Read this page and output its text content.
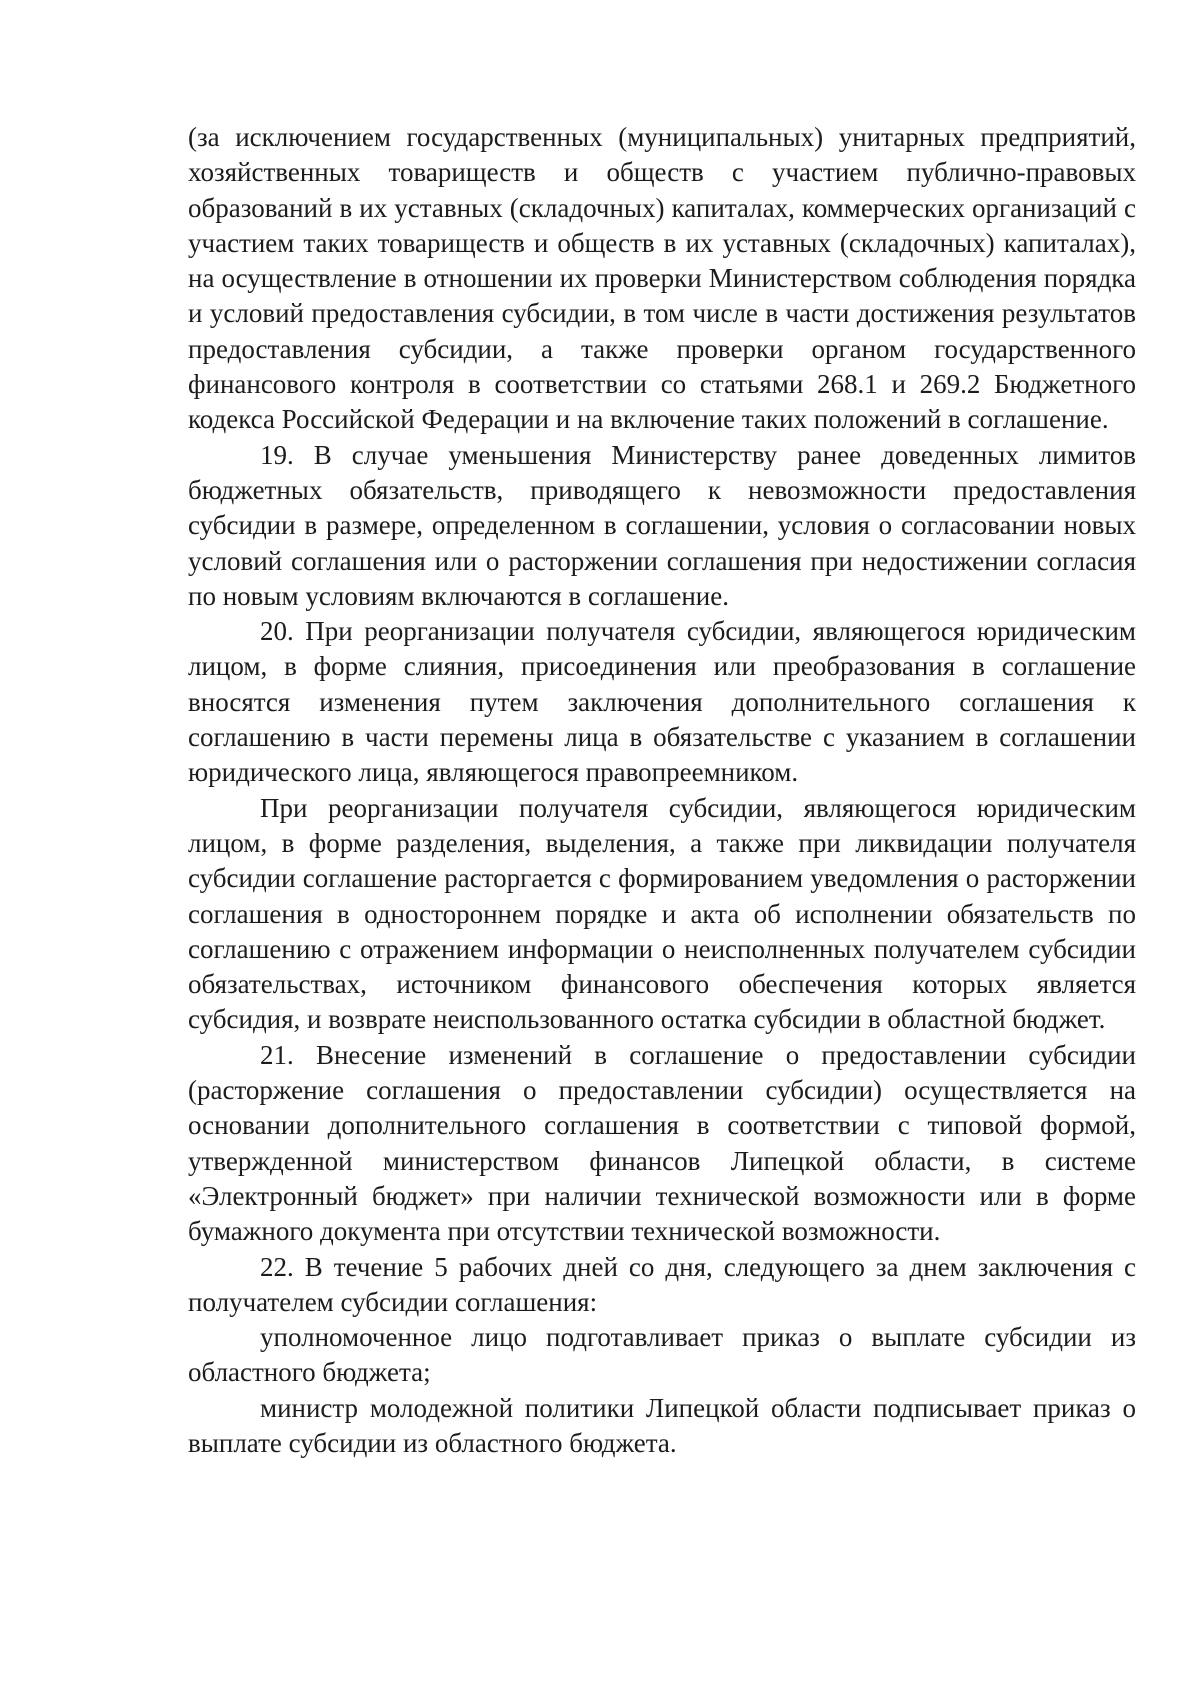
(за исключением государственных (муниципальных) унитарных предприятий, хозяйственных товариществ и обществ с участием публично-правовых образований в их уставных (складочных) капиталах, коммерческих организаций с участием таких товариществ и обществ в их уставных (складочных) капиталах), на осуществление в отношении их проверки Министерством соблюдения порядка и условий предоставления субсидии, в том числе в части достижения результатов предоставления субсидии, а также проверки органом государственного финансового контроля в соответствии со статьями 268.1 и 269.2 Бюджетного кодекса Российской Федерации и на включение таких положений в соглашение.

19. В случае уменьшения Министерству ранее доведенных лимитов бюджетных обязательств, приводящего к невозможности предоставления субсидии в размере, определенном в соглашении, условия о согласовании новых условий соглашения или о расторжении соглашения при недостижении согласия по новым условиям включаются в соглашение.

20. При реорганизации получателя субсидии, являющегося юридическим лицом, в форме слияния, присоединения или преобразования в соглашение вносятся изменения путем заключения дополнительного соглашения к соглашению в части перемены лица в обязательстве с указанием в соглашении юридического лица, являющегося правопреемником.

При реорганизации получателя субсидии, являющегося юридическим лицом, в форме разделения, выделения, а также при ликвидации получателя субсидии соглашение расторгается с формированием уведомления о расторжении соглашения в одностороннем порядке и акта об исполнении обязательств по соглашению с отражением информации о неисполненных получателем субсидии обязательствах, источником финансового обеспечения которых является субсидия, и возврате неиспользованного остатка субсидии в областной бюджет.

21. Внесение изменений в соглашение о предоставлении субсидии (расторжение соглашения о предоставлении субсидии) осуществляется на основании дополнительного соглашения в соответствии с типовой формой, утвержденной министерством финансов Липецкой области, в системе «Электронный бюджет» при наличии технической возможности или в форме бумажного документа при отсутствии технической возможности.

22. В течение 5 рабочих дней со дня, следующего за днем заключения с получателем субсидии соглашения:

уполномоченное лицо подготавливает приказ о выплате субсидии из областного бюджета;

министр молодежной политики Липецкой области подписывает приказ о выплате субсидии из областного бюджета.
